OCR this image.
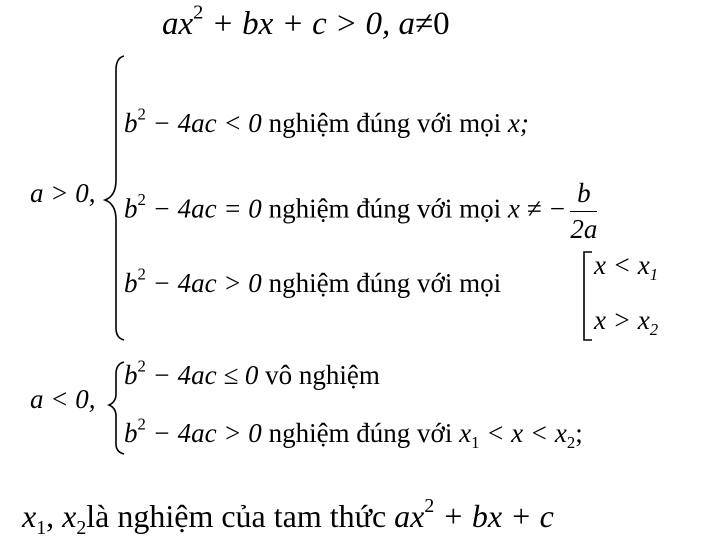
$ax^2$ + bx + c > 0, a≠0
a > 0,
$b^2 - 4ac < 0$ nghiệm đúng với mọi x;
$b^2 - 4ac = 0$ nghiệm đúng với mọi x ≠ − $\frac{b}{2a}$
$b^2 - 4ac > 0$ nghiệm đúng với mọi
$x < x_1$
$x > x_2$
a < 0,
$b^2 - 4ac \le 0$ vô nghiệm
$b^2 - 4ac > 0$ nghiệm đúng với $x_1 < x < x_2$;
$x_1$, $x_2là$ nghiệm của tam thức $ax^2$ + bx + c
